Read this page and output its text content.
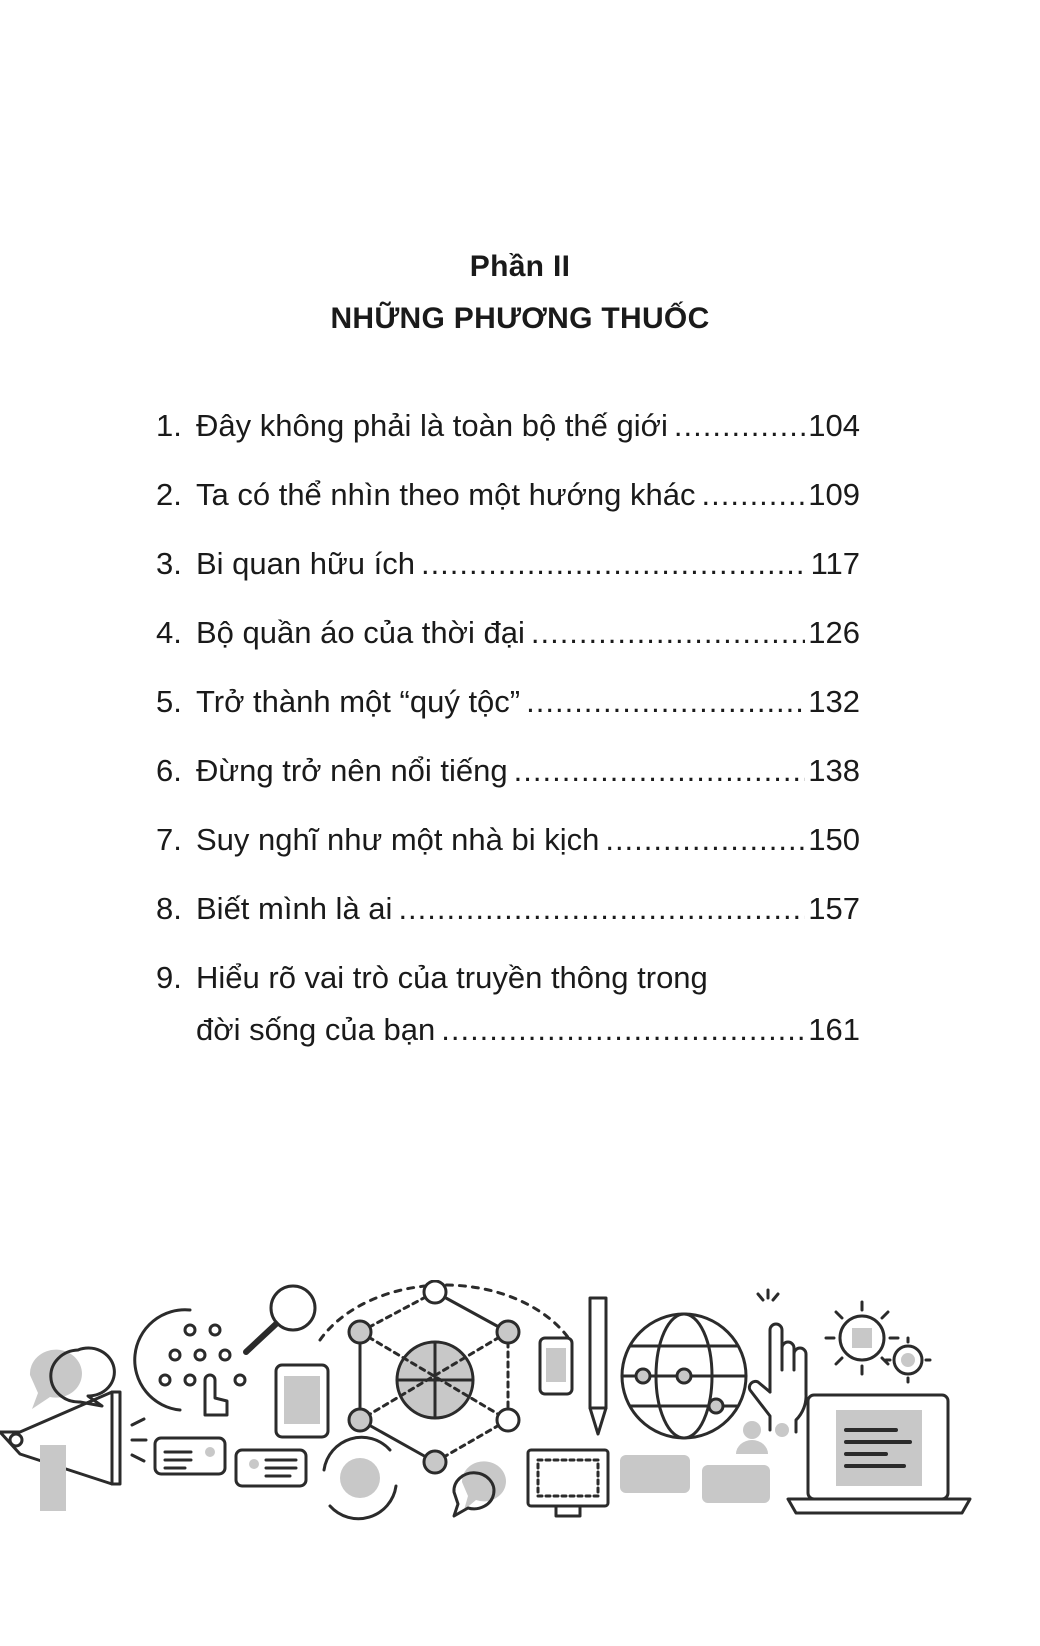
Phần II
NHỮNG PHƯƠNG THUỐC
1. Đây không phải là toàn bộ thế giới .....	104
2. Ta có thể nhìn theo một hướng khác .....	109
3. Bi quan hữu ích .....	117
4. Bộ quần áo của thời đại .....	126
5. Trở thành một “quý tộc” .....	132
6. Đừng trở nên nổi tiếng .....	138
7. Suy nghĩ như một nhà bi kịch .....	150
8. Biết mình là ai .....	157
9. Hiểu rõ vai trò của truyền thông trong
đời sống của bạn .....	161
